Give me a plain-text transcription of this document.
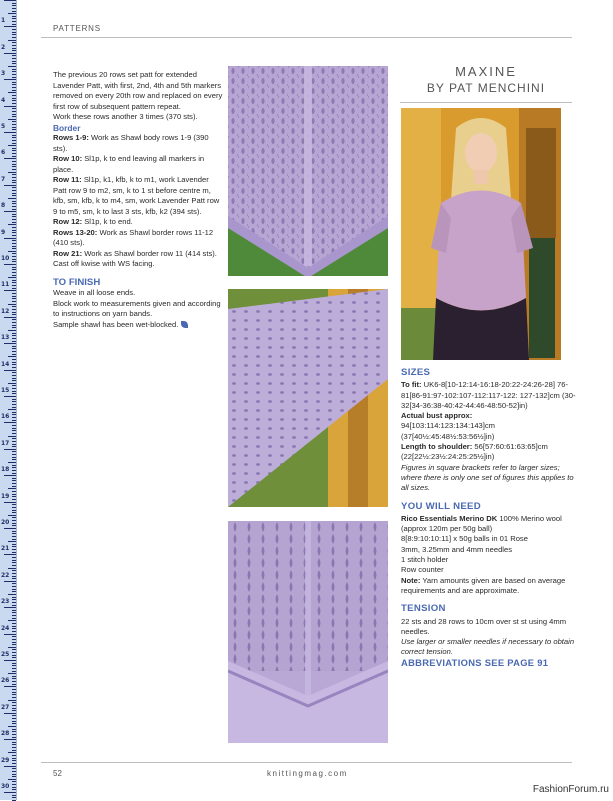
1
2
3
4
5
6
7
8
9
10
11
12
13
14
15
16
17
18
19
20
21
22
23
24
25
26
27
28
29
30
PATTERNS

The previous 20 rows set patt for extended Lavender Patt, with first, 2nd, 4th and 5th markers removed on every 20th row and replaced on every first row of subsequent pattern repeat.

Work these rows another 3 times (370 sts).

Border

Rows 1-9: Work as Shawl body rows 1-9 (390 sts).

Row 10: Sl1p, k to end leaving all markers in place.

Row 11: Sl1p, k1, kfb, k to m1, work Lavender Patt row 9 to m2, sm, k to 1 st before centre m, kfb, sm, kfb, k to m4, sm, work Lavender Patt row 9 to m5, sm, k to last 3 sts, kfb, k2 (394 sts).

Row 12: Sl1p, k to end.

Rows 13-20: Work as Shawl border rows 11-12 (410 sts).

Row 21: Work as Shawl border row 11 (414 sts).

Cast off kwise with WS facing.

TO FINISH

Weave in all loose ends.

Block work to measurements given and according to instructions on yarn bands.

Sample shawl has been wet-blocked.

MAXINE
BY PAT MENCHINI

SIZES

To fit: UK6-8[10-12:14-16:18-20:22-24:26-28] 76-81[86-91:97-102:107-112:117-122: 127-132]cm (30-32[34-36:38-40:42-44:46-48:50-52]in)

Actual bust approx:

94[103:114:123:134:143]cm (37[40½:45:48½:53:56½]in)

Length to shoulder: 56[57:60:61:63:65]cm (22[22½:23½:24:25:25½]in)

Figures in square brackets refer to larger sizes; where there is only one set of figures this applies to all sizes.

YOU WILL NEED

Rico Essentials Merino DK 100% Merino wool (approx 120m per 50g ball)

8[8:9:10:10:11] x 50g balls in 01 Rose

3mm, 3.25mm and 4mm needles

1 stitch holder

Row counter

Note: Yarn amounts given are based on average requirements and are approximate.

TENSION

22 sts and 28 rows to 10cm over st st using 4mm needles.

Use larger or smaller needles if necessary to obtain correct tension.

ABBREVIATIONS SEE PAGE 91

52	knittingmag.com
FashionForum.ru
